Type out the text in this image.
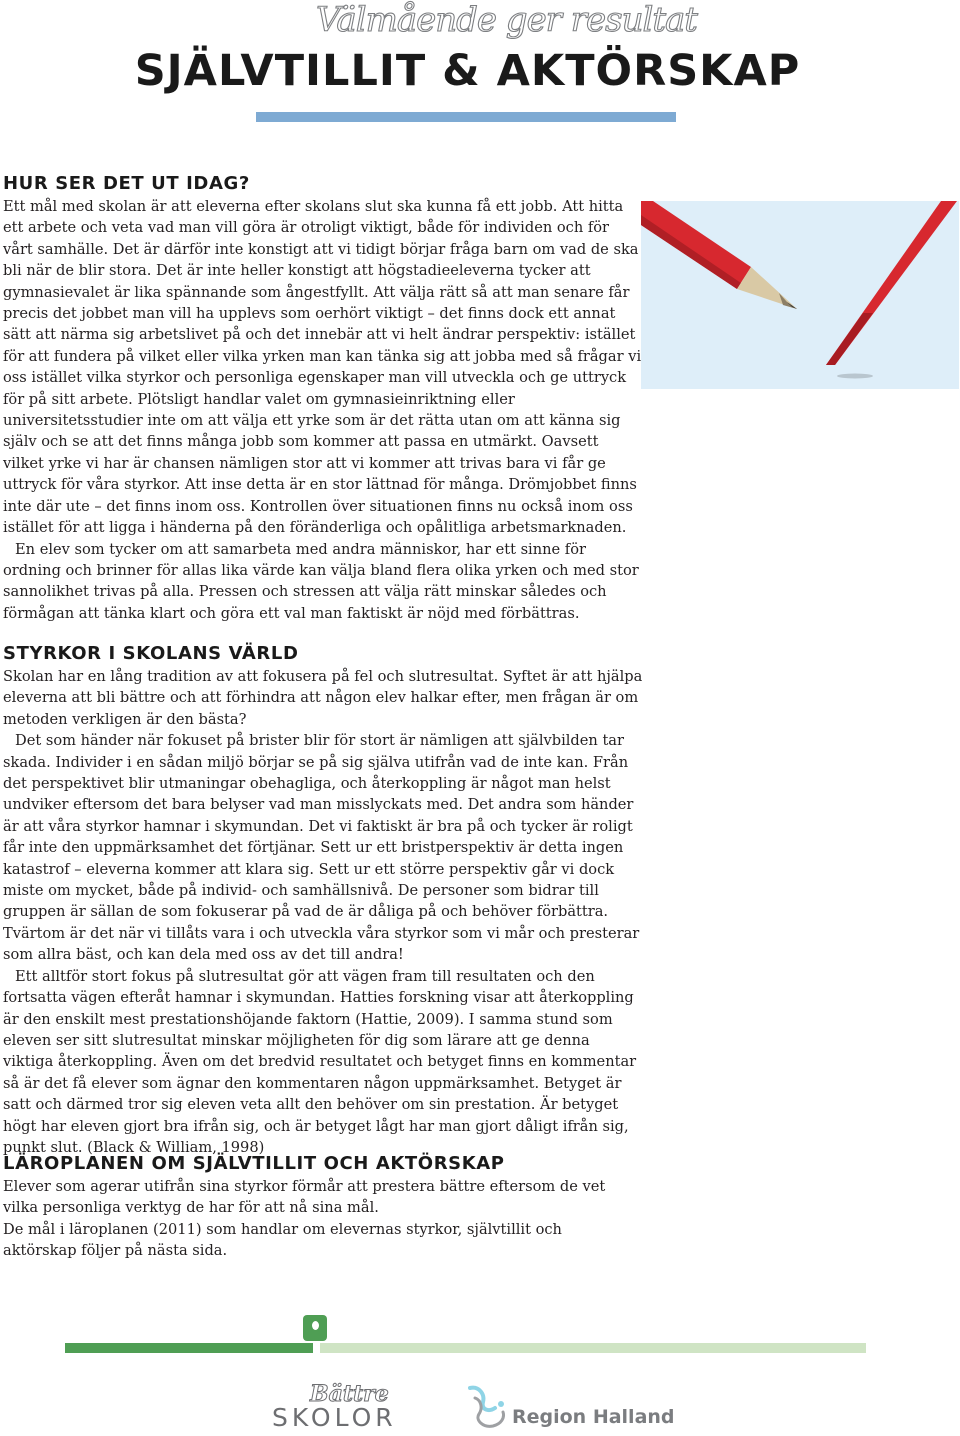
Välmående ger resultat
SJÄLVTILLIT & AKTÖRSKAP
HUR SER DET UT IDAG?

Ett mål med skolan är att eleverna efter skolans slut ska kunna få ett jobb. Att hitta ett arbete och veta vad man vill göra är otroligt viktigt, både för individen och för vårt samhälle. Det är därför inte konstigt att vi tidigt börjar fråga barn om vad de ska bli när de blir stora. Det är inte heller konstigt att högstadieeleverna tycker att gymnasievalet är lika spännande som ångestfyllt. Att välja rätt så att man senare får precis det jobbet man vill ha upplevs som oerhört viktigt – det finns dock ett annat sätt att närma sig arbetslivet på och det innebär att vi helt ändrar perspektiv: istället för att fundera på vilket eller vilka yrken man kan tänka sig att jobba med så frågar vi oss istället vilka styrkor och personliga egenskaper man vill utveckla och ge uttryck för på sitt arbete. Plötsligt handlar valet om gymnasieinriktning eller universitetsstudier inte om att välja ett yrke som är det rätta utan om att känna sig själv och se att det finns många jobb som kommer att passa en utmärkt. Oavsett vilket yrke vi har är chansen nämligen stor att vi kommer att trivas bara vi får ge uttryck för våra styrkor. Att inse detta är en stor lättnad för många. Drömjobbet finns inte där ute – det finns inom oss. Kontrollen över situationen finns nu också inom oss istället för att ligga i händerna på den föränderliga och opålitliga arbetsmarknaden.

En elev som tycker om att samarbeta med andra människor, har ett sinne för ordning och brinner för allas lika värde kan välja bland flera olika yrken och med stor sannolikhet trivas på alla. Pressen och stressen att välja rätt minskar således och förmågan att tänka klart och göra ett val man faktiskt är nöjd med förbättras.

STYRKOR I SKOLANS VÄRLD

Skolan har en lång tradition av att fokusera på fel och slutresultat. Syftet är att hjälpa eleverna att bli bättre och att förhindra att någon elev halkar efter, men frågan är om metoden verkligen är den bästa?

Det som händer när fokuset på brister blir för stort är nämligen att självbilden tar skada. Individer i en sådan miljö börjar se på sig själva utifrån vad de inte kan. Från det perspektivet blir utmaningar obehagliga, och återkoppling är något man helst undviker eftersom det bara belyser vad man misslyckats med. Det andra som händer är att våra styrkor hamnar i skymundan. Det vi faktiskt är bra på och tycker är roligt får inte den uppmärksamhet det förtjänar. Sett ur ett bristperspektiv är detta ingen katastrof – eleverna kommer att klara sig. Sett ur ett större perspektiv går vi dock miste om mycket, både på individ- och samhällsnivå. De personer som bidrar till gruppen är sällan de som fokuserar på vad de är dåliga på och behöver förbättra. Tvärtom är det när vi tillåts vara i och utveckla våra styrkor som vi mår och presterar som allra bäst, och kan dela med oss av det till andra!

Ett alltför stort fokus på slutresultat gör att vägen fram till resultaten och den fortsatta vägen efteråt hamnar i skymundan. Hatties forskning visar att återkoppling är den enskilt mest prestationshöjande faktorn (Hattie, 2009). I samma stund som eleven ser sitt slutresultat minskar möjligheten för dig som lärare att ge denna viktiga återkoppling. Även om det bredvid resultatet och betyget finns en kommentar så är det få elever som ägnar den kommentaren någon uppmärksamhet. Betyget är satt och därmed tror sig eleven veta allt den behöver om sin prestation. Är betyget högt har eleven gjort bra ifrån sig, och är betyget lågt har man gjort dåligt ifrån sig, punkt slut. (Black & William, 1998)

LÄROPLANEN OM SJÄLVTILLIT OCH AKTÖRSKAP

Elever som agerar utifrån sina styrkor förmår att prestera bättre eftersom de vet vilka personliga verktyg de har för att nå sina mål.

De mål i läroplanen (2011) som handlar om elevernas styrkor, självtillit och aktörskap följer på nästa sida.

Bättre
SKOLOR	Region Halland
